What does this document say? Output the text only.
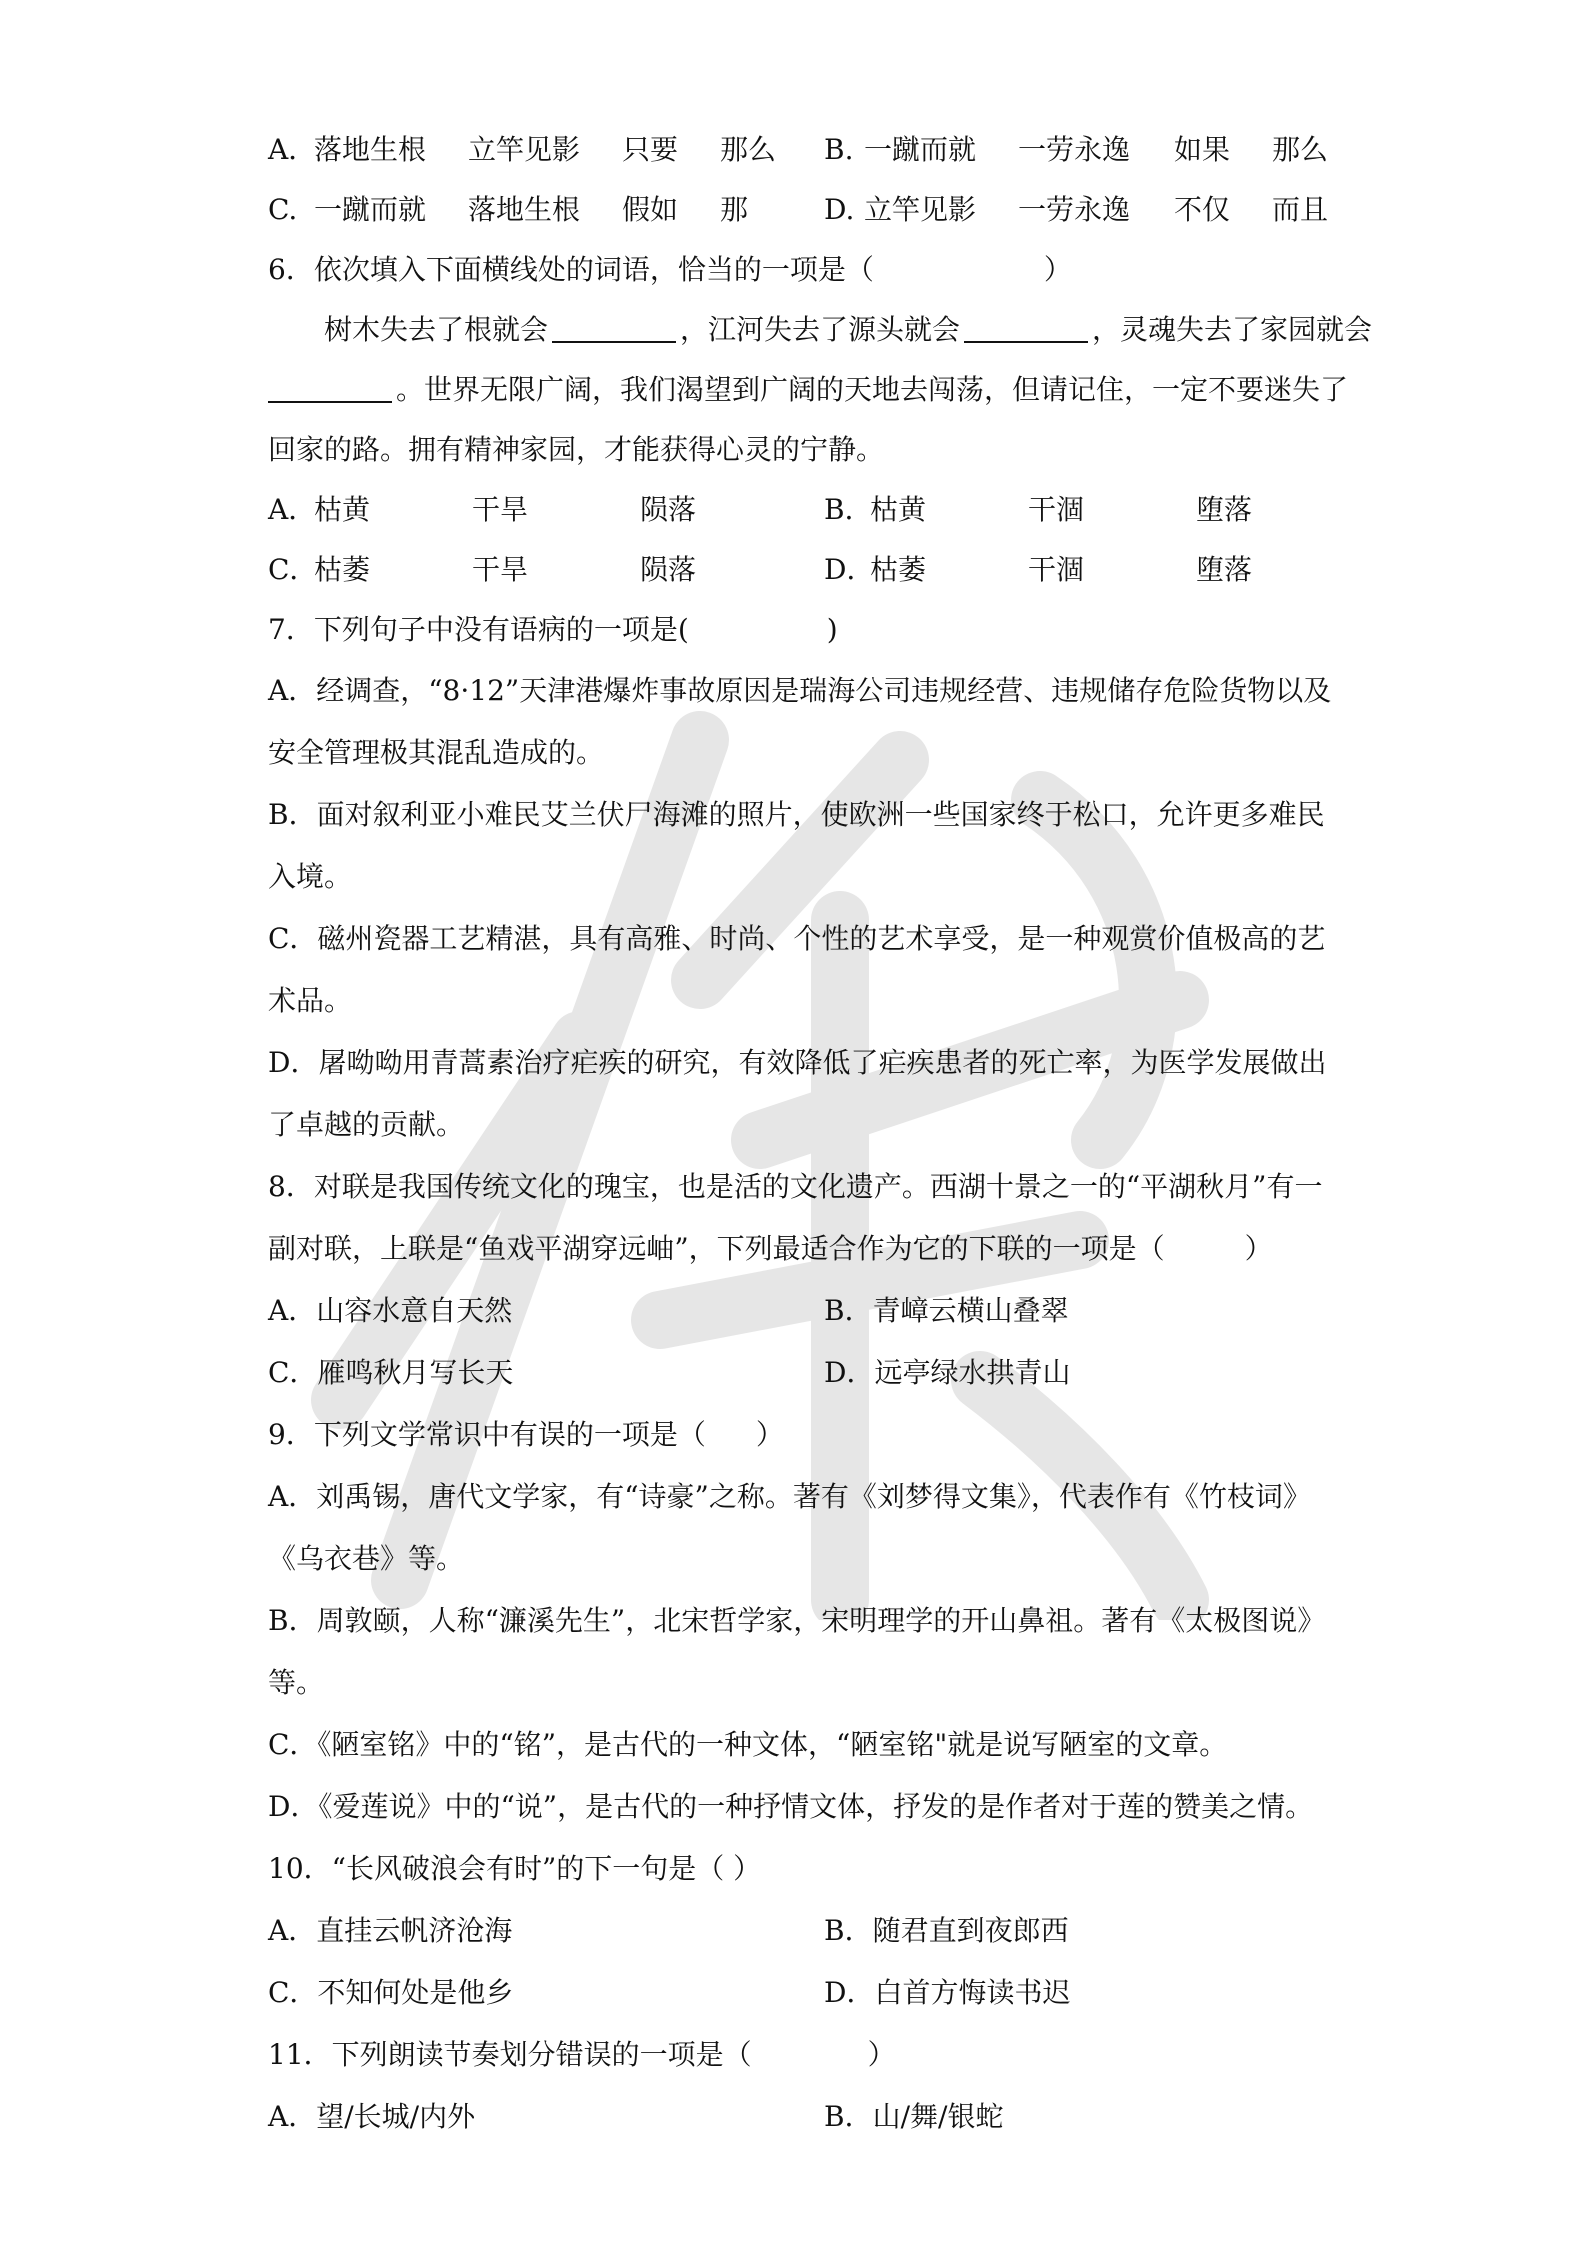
A．落地生根 立竿见影 只要 那么	B.一蹴而就 一劳永逸 如果 那么
C.一蹴而就 落地生根 假如 那	D.立竿见影 一劳永逸 不仅 而且
6．依次填入下面横线处的词语，恰当的一项是（	）
树木失去了根就会	，江河失去了源头就会	，灵魂失去了家园就会
。世界无限广阔，我们渴望到广阔的天地去闯荡，但请记住，一定不要迷失了
回家的路。拥有精神家园，才能获得心灵的宁静。
A．枯黄	干旱	陨落	B．枯黄	干涸	堕落
C．枯萎	干旱	陨落	D．枯萎	干涸	堕落
7．下列句子中没有语病的一项是(	)
A．经调查，“8·12”天津港爆炸事故原因是瑞海公司违规经营、违规储存危险货物以及
安全管理极其混乱造成的。
B．面对叙利亚小难民艾兰伏尸海滩的照片，使欧洲一些国家终于松口，允许更多难民
入境。
C．磁州瓷器工艺精湛，具有高雅、时尚、个性的艺术享受，是一种观赏价值极高的艺
术品。
D．屠呦呦用青蒿素治疗疟疾的研究，有效降低了疟疾患者的死亡率，为医学发展做出
了卓越的贡献。
8．对联是我国传统文化的瑰宝，也是活的文化遗产。西湖十景之一的“平湖秋月”有一
副对联，上联是“鱼戏平湖穿远岫”，下列最适合作为它的下联的一项是（	）
A．山容水意自天然	B．青嶂云横山叠翠
C．雁鸣秋月写长天	D．远亭绿水拱青山
9．下列文学常识中有误的一项是（ ）
A．刘禹锡，唐代文学家，有“诗豪”之称。著有《刘梦得文集》，代表作有《竹枝词》
《乌衣巷》等。
B．周敦颐，人称“濂溪先生”，北宋哲学家，宋明理学的开山鼻祖。著有《太极图说》
等。
C．《陋室铭》中的“铭”，是古代的一种文体，“陋室铭"就是说写陋室的文章。
D．《爱莲说》中的“说”，是古代的一种抒情文体，抒发的是作者对于莲的赞美之情。
10．“长风破浪会有时”的下一句是（ ）
A．直挂云帆济沧海	B．随君直到夜郎西
C．不知何处是他乡	D．白首方悔读书迟
11．下列朗读节奏划分错误的一项是（	）
A．望/长城/内外	B．山/舞/银蛇
